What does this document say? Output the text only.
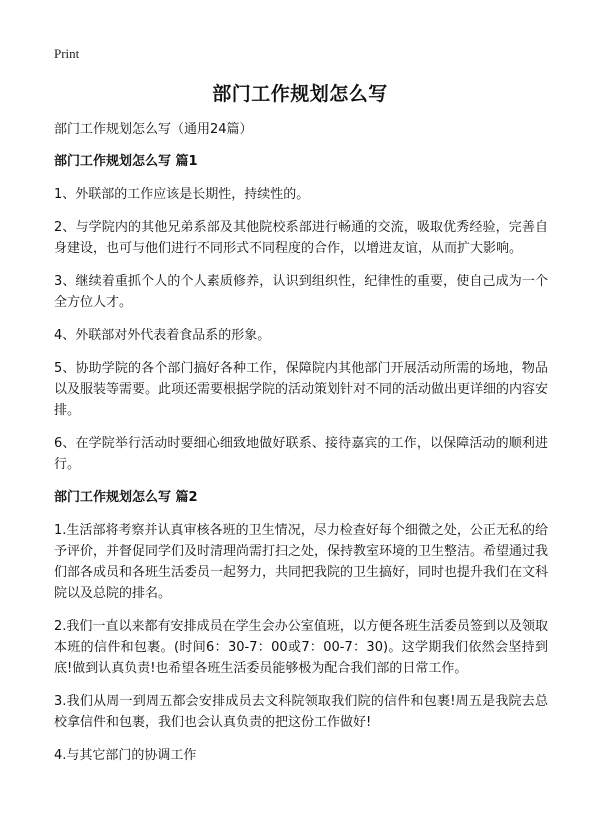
Print
部门工作规划怎么写

部门工作规划怎么写（通用24篇）

部门工作规划怎么写 篇1

1、外联部的工作应该是长期性，持续性的。

2、与学院内的其他兄弟系部及其他院校系部进行畅通的交流，吸取优秀经验，完善自身建设，也可与他们进行不同形式不同程度的合作，以增进友谊，从而扩大影响。

3、继续着重抓个人的个人素质修养，认识到组织性，纪律性的重要，使自己成为一个全方位人才。

4、外联部对外代表着食品系的形象。

5、协助学院的各个部门搞好各种工作，保障院内其他部门开展活动所需的场地，物品以及服装等需要。此项还需要根据学院的活动策划针对不同的活动做出更详细的内容安排。

6、在学院举行活动时要细心细致地做好联系、接待嘉宾的工作，以保障活动的顺利进行。

部门工作规划怎么写 篇2

1.生活部将考察并认真审核各班的卫生情况，尽力检查好每个细微之处，公正无私的给予评价，并督促同学们及时清理尚需打扫之处，保持教室环境的卫生整洁。希望通过我们部各成员和各班生活委员一起努力，共同把我院的卫生搞好，同时也提升我们在文科院以及总院的排名。

2.我们一直以来都有安排成员在学生会办公室值班，以方便各班生活委员签到以及领取本班的信件和包裹。(时间6：30-7：00或7：00-7：30)。这学期我们依然会坚持到底!做到认真负责!也希望各班生活委员能够极为配合我们部的日常工作。

3.我们从周一到周五都会安排成员去文科院领取我们院的信件和包裹!周五是我院去总校拿信件和包裹，我们也会认真负责的把这份工作做好!

4.与其它部门的协调工作
